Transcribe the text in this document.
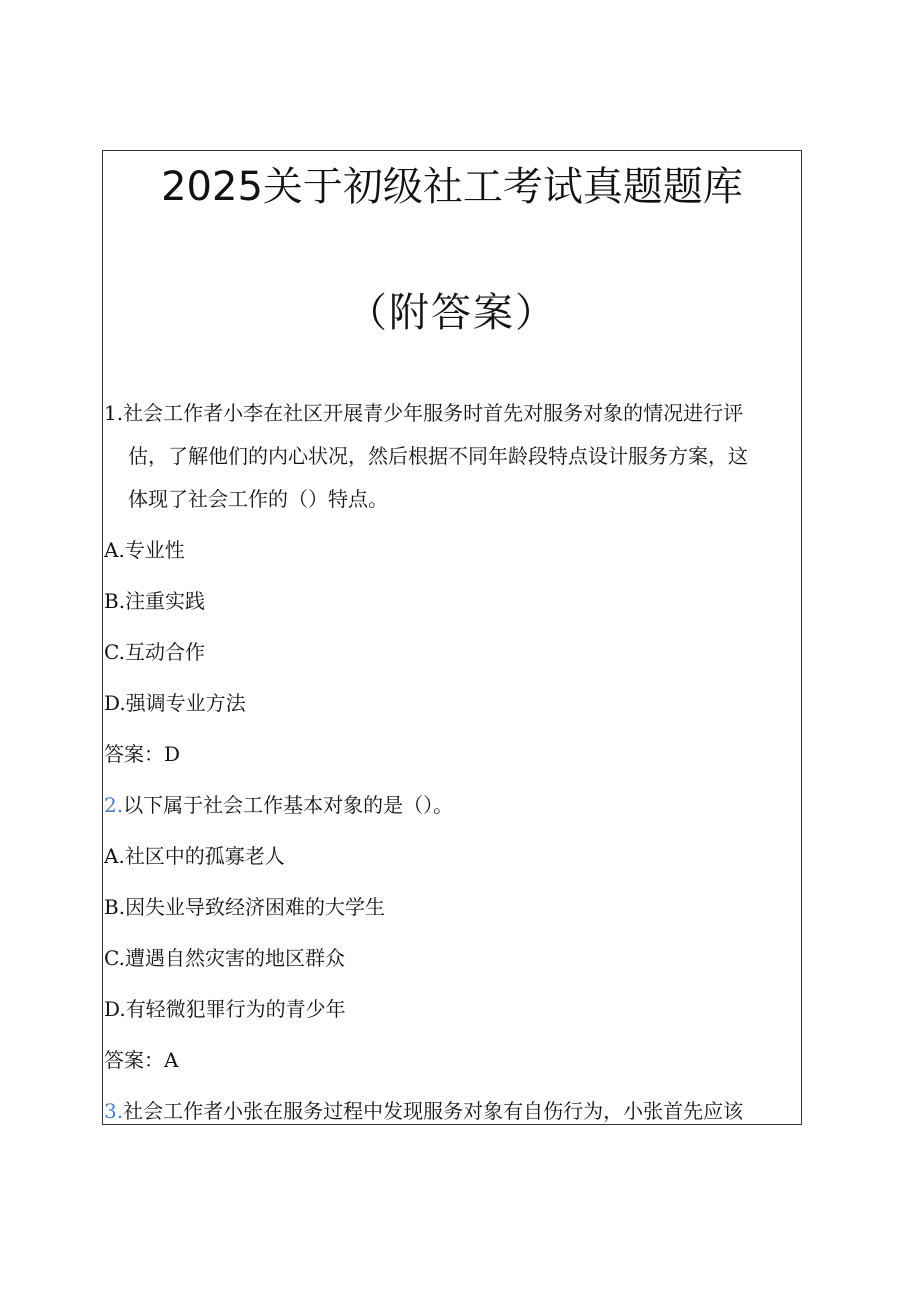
2025关于初级社工考试真题题库
（附答案）
1.社会工作者小李在社区开展青少年服务时首先对服务对象的情况进行评
估，了解他们的内心状况，然后根据不同年龄段特点设计服务方案，这
体现了社会工作的（）特点。
A.专业性
B.注重实践
C.互动合作
D.强调专业方法
答案：D
2.以下属于社会工作基本对象的是（）。
A.社区中的孤寡老人
B.因失业导致经济困难的大学生
C.遭遇自然灾害的地区群众
D.有轻微犯罪行为的青少年
答案：A
3.社会工作者小张在服务过程中发现服务对象有自伤行为，小张首先应该
